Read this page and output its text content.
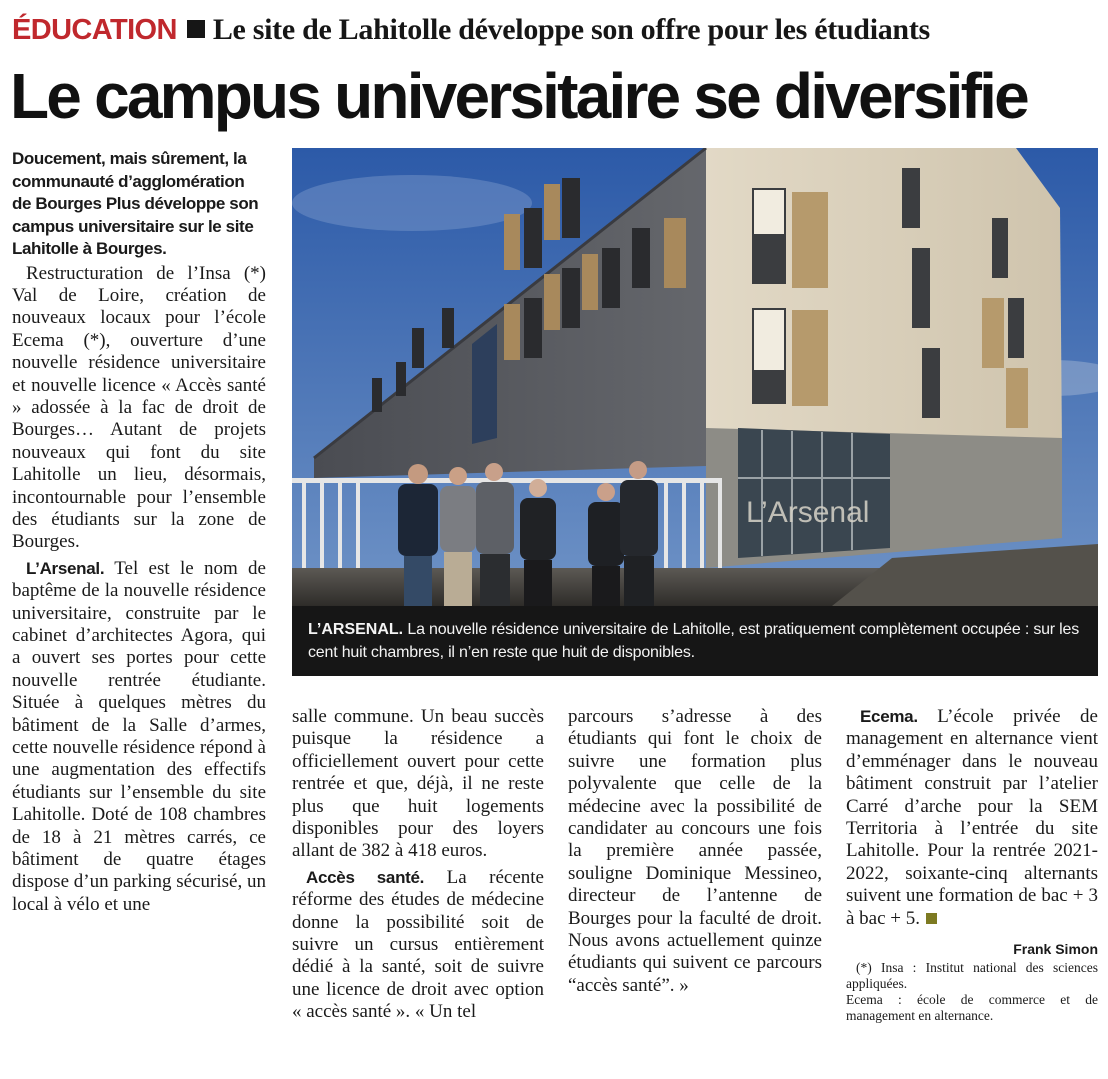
ÉDUCATION Le site de Lahitolle développe son offre pour les étudiants
Le campus universitaire se diversifie

Doucement, mais sûrement, la communauté d’agglomération de Bourges Plus développe son campus universitaire sur le site Lahitolle à Bourges.

Restructuration de l’Insa (*) Val de Loire, création de nouveaux locaux pour l’école Ecema (*), ouverture d’une nouvelle résidence universitaire et nouvelle licence « Accès santé » adossée à la fac de droit de Bourges… Autant de projets nouveaux qui font du site Lahitolle un lieu, désormais, incontournable pour l’ensemble des étudiants sur la zone de Bourges.

L’Arsenal. Tel est le nom de baptême de la nouvelle résidence universitaire, construite par le cabinet d’architectes Agora, qui a ouvert ses portes pour cette nouvelle rentrée étudiante. Située à quelques mètres du bâtiment de la Salle d’armes, cette nouvelle résidence répond à une augmentation des effectifs étudiants sur l’ensemble du site Lahitolle. Doté de 108 chambres de 18 à 21 mètres carrés, ce bâtiment de quatre étages dispose d’un parking sécurisé, un local à vélo et une

L’Arsenal
L’ARSENAL. La nouvelle résidence universitaire de Lahitolle, est pratiquement complètement occupée : sur les cent huit chambres, il n’en reste que huit de disponibles.

salle commune. Un beau succès puisque la résidence a officiellement ouvert pour cette rentrée et que, déjà, il ne reste plus que huit logements disponibles pour des loyers allant de 382 à 418 euros.

Accès santé. La récente réforme des études de médecine donne la possibilité soit de suivre un cursus entièrement dédié à la santé, soit de suivre une licence de droit avec option « accès santé ». « Un tel

parcours s’adresse à des étudiants qui font le choix de suivre une formation plus polyvalente que celle de la médecine avec la possibilité de candidater au concours une fois la première année passée, souligne Dominique Messineo, directeur de l’antenne de Bourges pour la faculté de droit. Nous avons actuellement quinze étudiants qui suivent ce parcours “accès santé”. »

Ecema. L’école privée de management en alternance vient d’emménager dans le nouveau bâtiment construit par l’atelier Carré d’arche pour la SEM Territoria à l’entrée du site Lahitolle. Pour la rentrée 2021-2022, soixante-cinq alternants suivent une formation de bac + 3 à bac + 5.

Frank Simon

(*) Insa : Institut national des sciences appliquées.

Ecema : école de commerce et de management en alternance.
